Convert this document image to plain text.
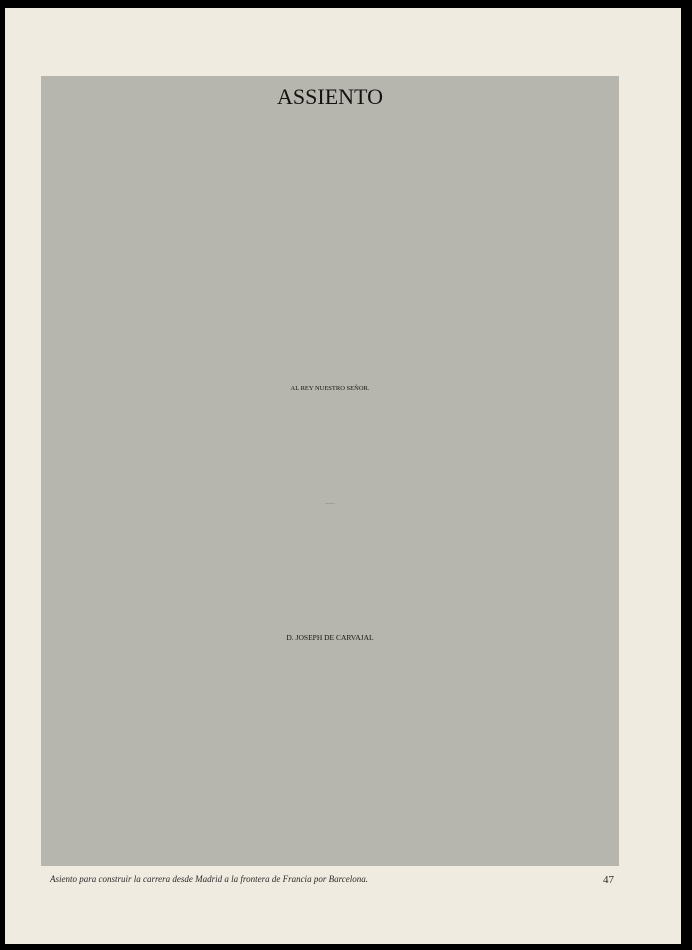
ASSIENTO
AL REY NUESTRO SEÑOR.
APROBADO POR S. M.
D. JOSEPH DE CARVAJAL
Asiento para construir la carrera desde Madrid a la frontera de Francia por Barcelona.	47
